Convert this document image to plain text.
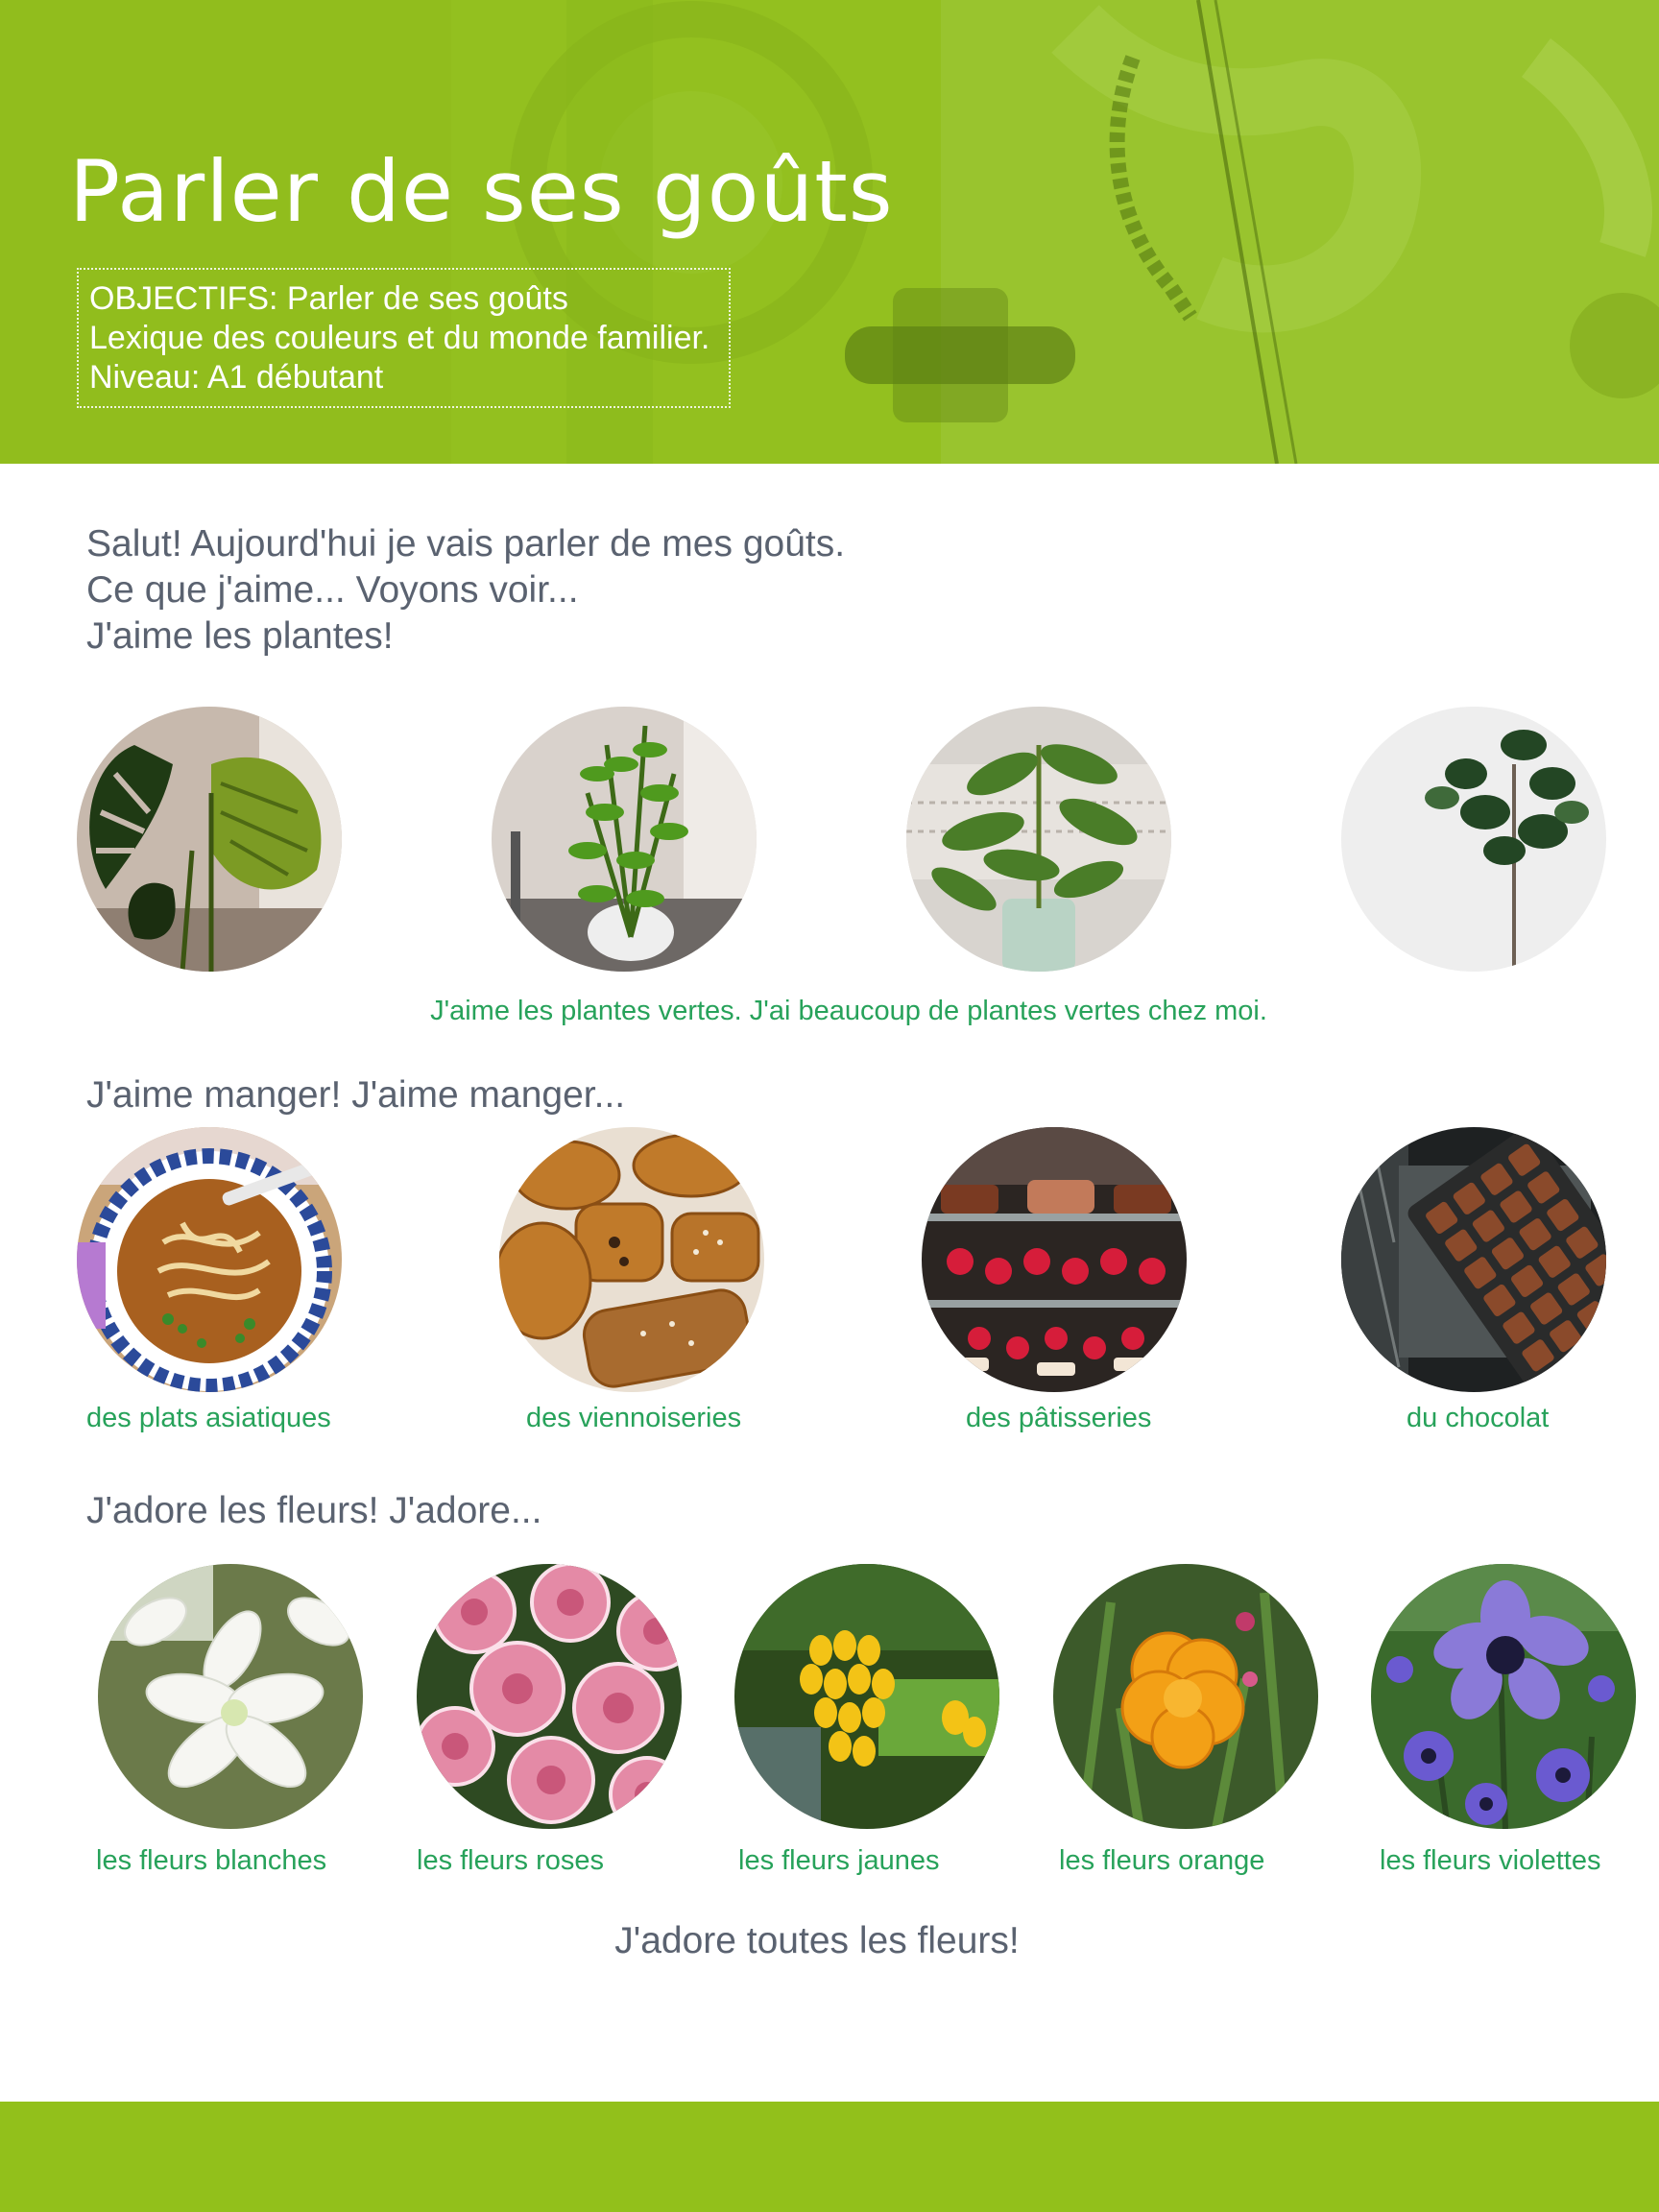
Parler de ses goûts

OBJECTIFS: Parler de ses goûts

Lexique des couleurs et du monde familier.

Niveau: A1 débutant

Salut! Aujourd'hui je vais parler de mes goûts.

Ce que j'aime... Voyons voir...

J'aime les plantes!

J'aime les plantes vertes. J'ai beaucoup de plantes vertes chez moi.
J'aime manger! J'aime manger...
des plats asiatiques	des viennoiseries	des pâtisseries	du chocolat
J'adore les fleurs! J'adore...
les fleurs blanches	les fleurs roses	les fleurs jaunes	les fleurs orange	les fleurs violettes
J'adore toutes les fleurs!
